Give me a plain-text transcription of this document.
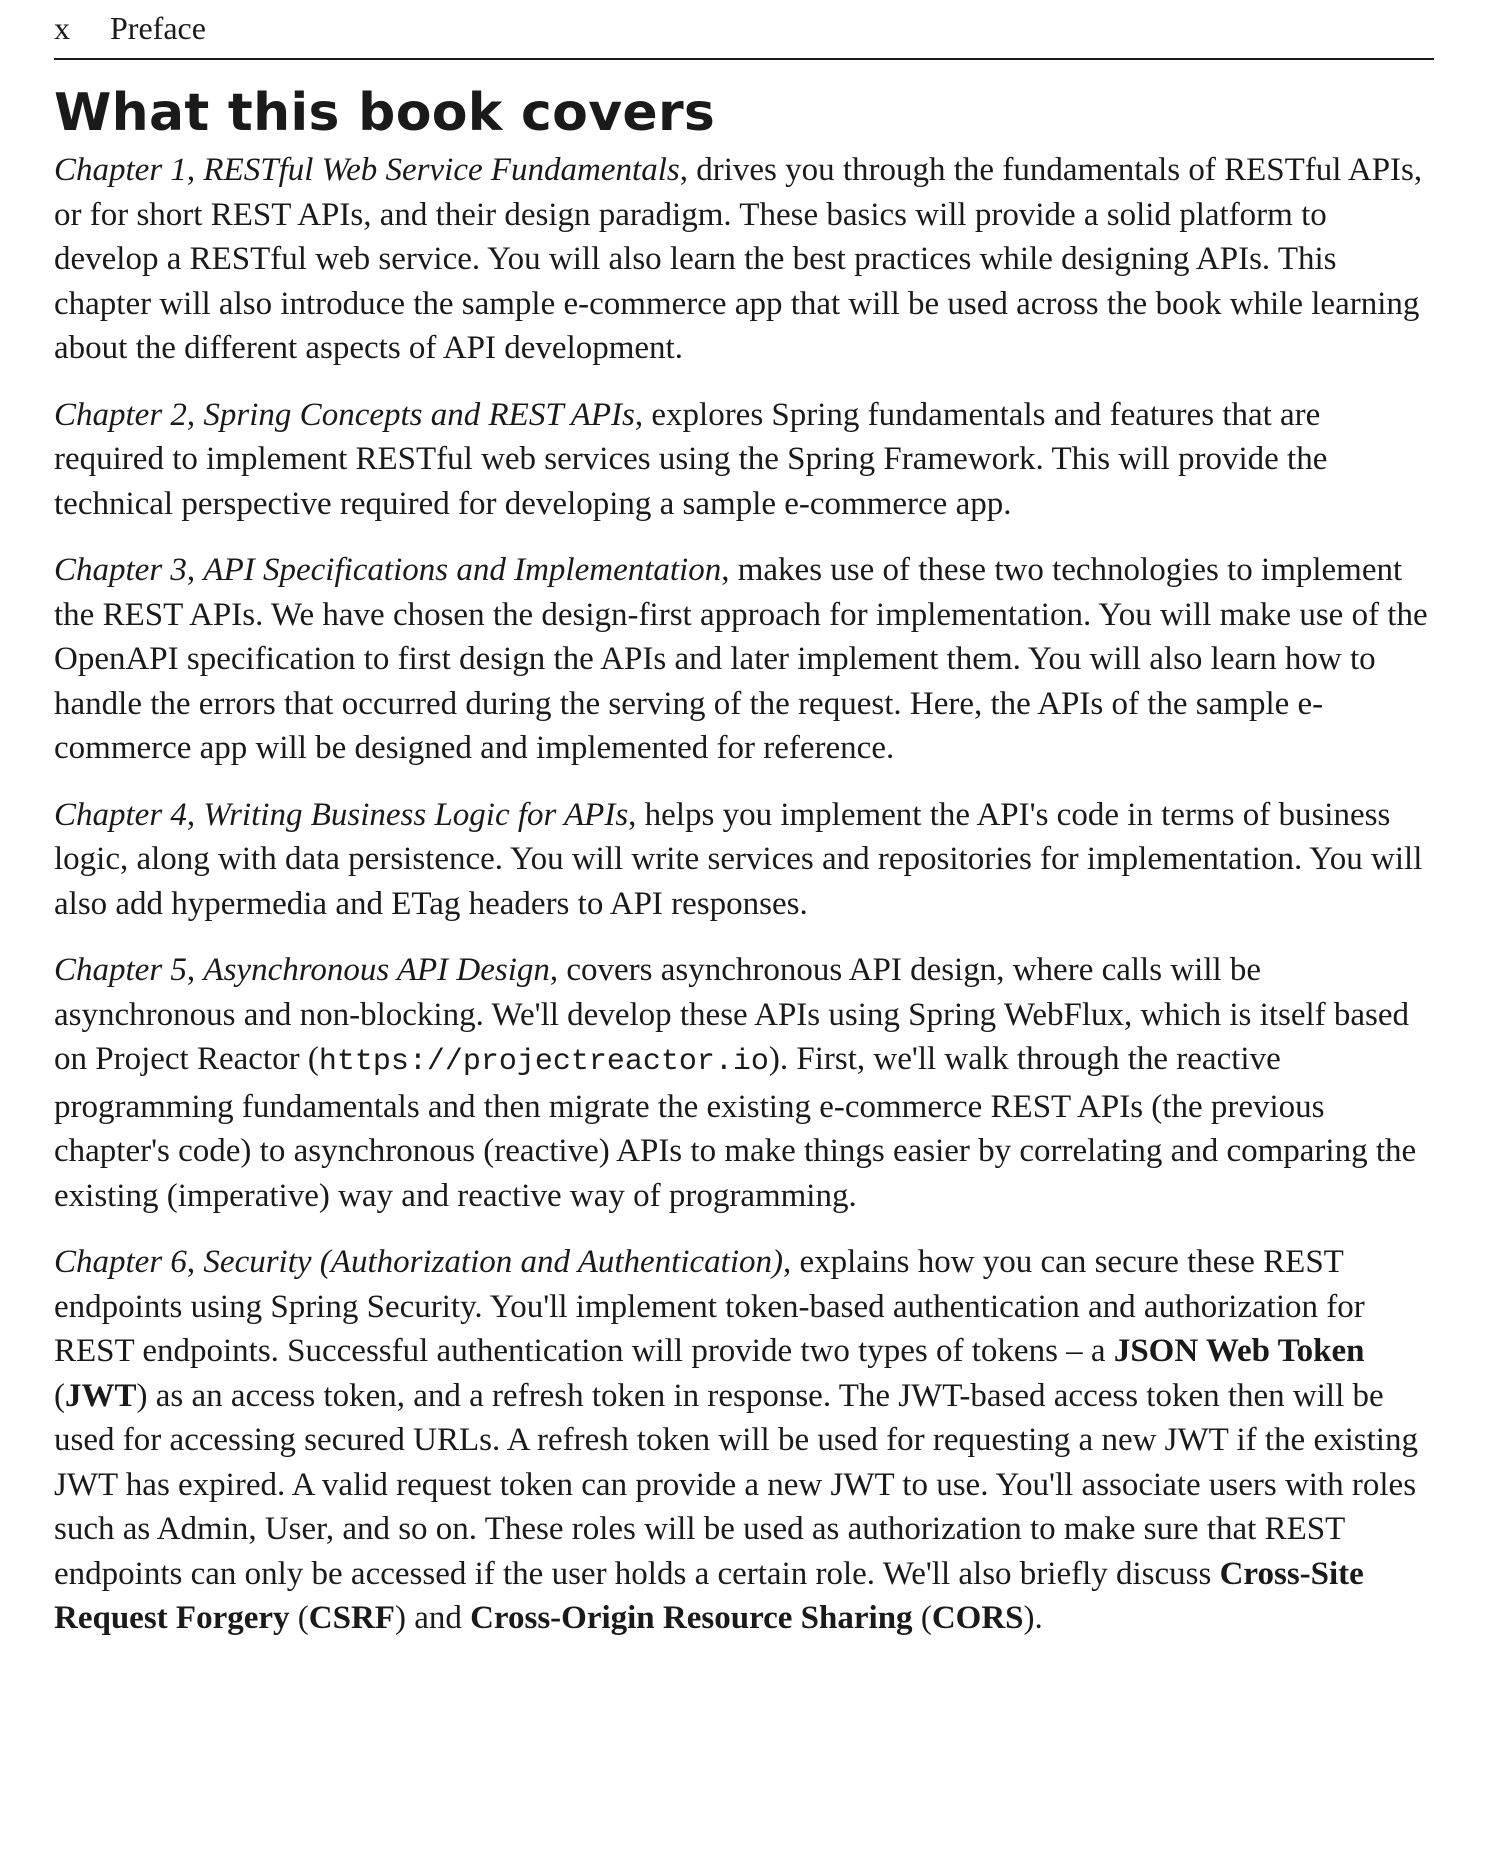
x Preface
What this book covers

Chapter 1, RESTful Web Service Fundamentals, drives you through the fundamentals of RESTful APIs, or for short REST APIs, and their design paradigm. These basics will provide a solid platform to develop a RESTful web service. You will also learn the best practices while designing APIs. This chapter will also introduce the sample e-commerce app that will be used across the book while learning about the different aspects of API development.

Chapter 2, Spring Concepts and REST APIs, explores Spring fundamentals and features that are required to implement RESTful web services using the Spring Framework. This will provide the technical perspective required for developing a sample e-commerce app.

Chapter 3, API Specifications and Implementation, makes use of these two technologies to implement the REST APIs. We have chosen the design-first approach for implementation. You will make use of the OpenAPI specification to first design the APIs and later implement them. You will also learn how to handle the errors that occurred during the serving of the request. Here, the APIs of the sample e-commerce app will be designed and implemented for reference.

Chapter 4, Writing Business Logic for APIs, helps you implement the API's code in terms of business logic, along with data persistence. You will write services and repositories for implementation. You will also add hypermedia and ETag headers to API responses.

Chapter 5, Asynchronous API Design, covers asynchronous API design, where calls will be asynchronous and non-blocking. We'll develop these APIs using Spring WebFlux, which is itself based on Project Reactor (https://projectreactor.io). First, we'll walk through the reactive programming fundamentals and then migrate the existing e-commerce REST APIs (the previous chapter's code) to asynchronous (reactive) APIs to make things easier by correlating and comparing the existing (imperative) way and reactive way of programming.

Chapter 6, Security (Authorization and Authentication), explains how you can secure these REST endpoints using Spring Security. You'll implement token-based authentication and authorization for REST endpoints. Successful authentication will provide two types of tokens – a JSON Web Token (JWT) as an access token, and a refresh token in response. The JWT-based access token then will be used for accessing secured URLs. A refresh token will be used for requesting a new JWT if the existing JWT has expired. A valid request token can provide a new JWT to use. You'll associate users with roles such as Admin, User, and so on. These roles will be used as authorization to make sure that REST endpoints can only be accessed if the user holds a certain role. We'll also briefly discuss Cross-Site Request Forgery (CSRF) and Cross-Origin Resource Sharing (CORS).
